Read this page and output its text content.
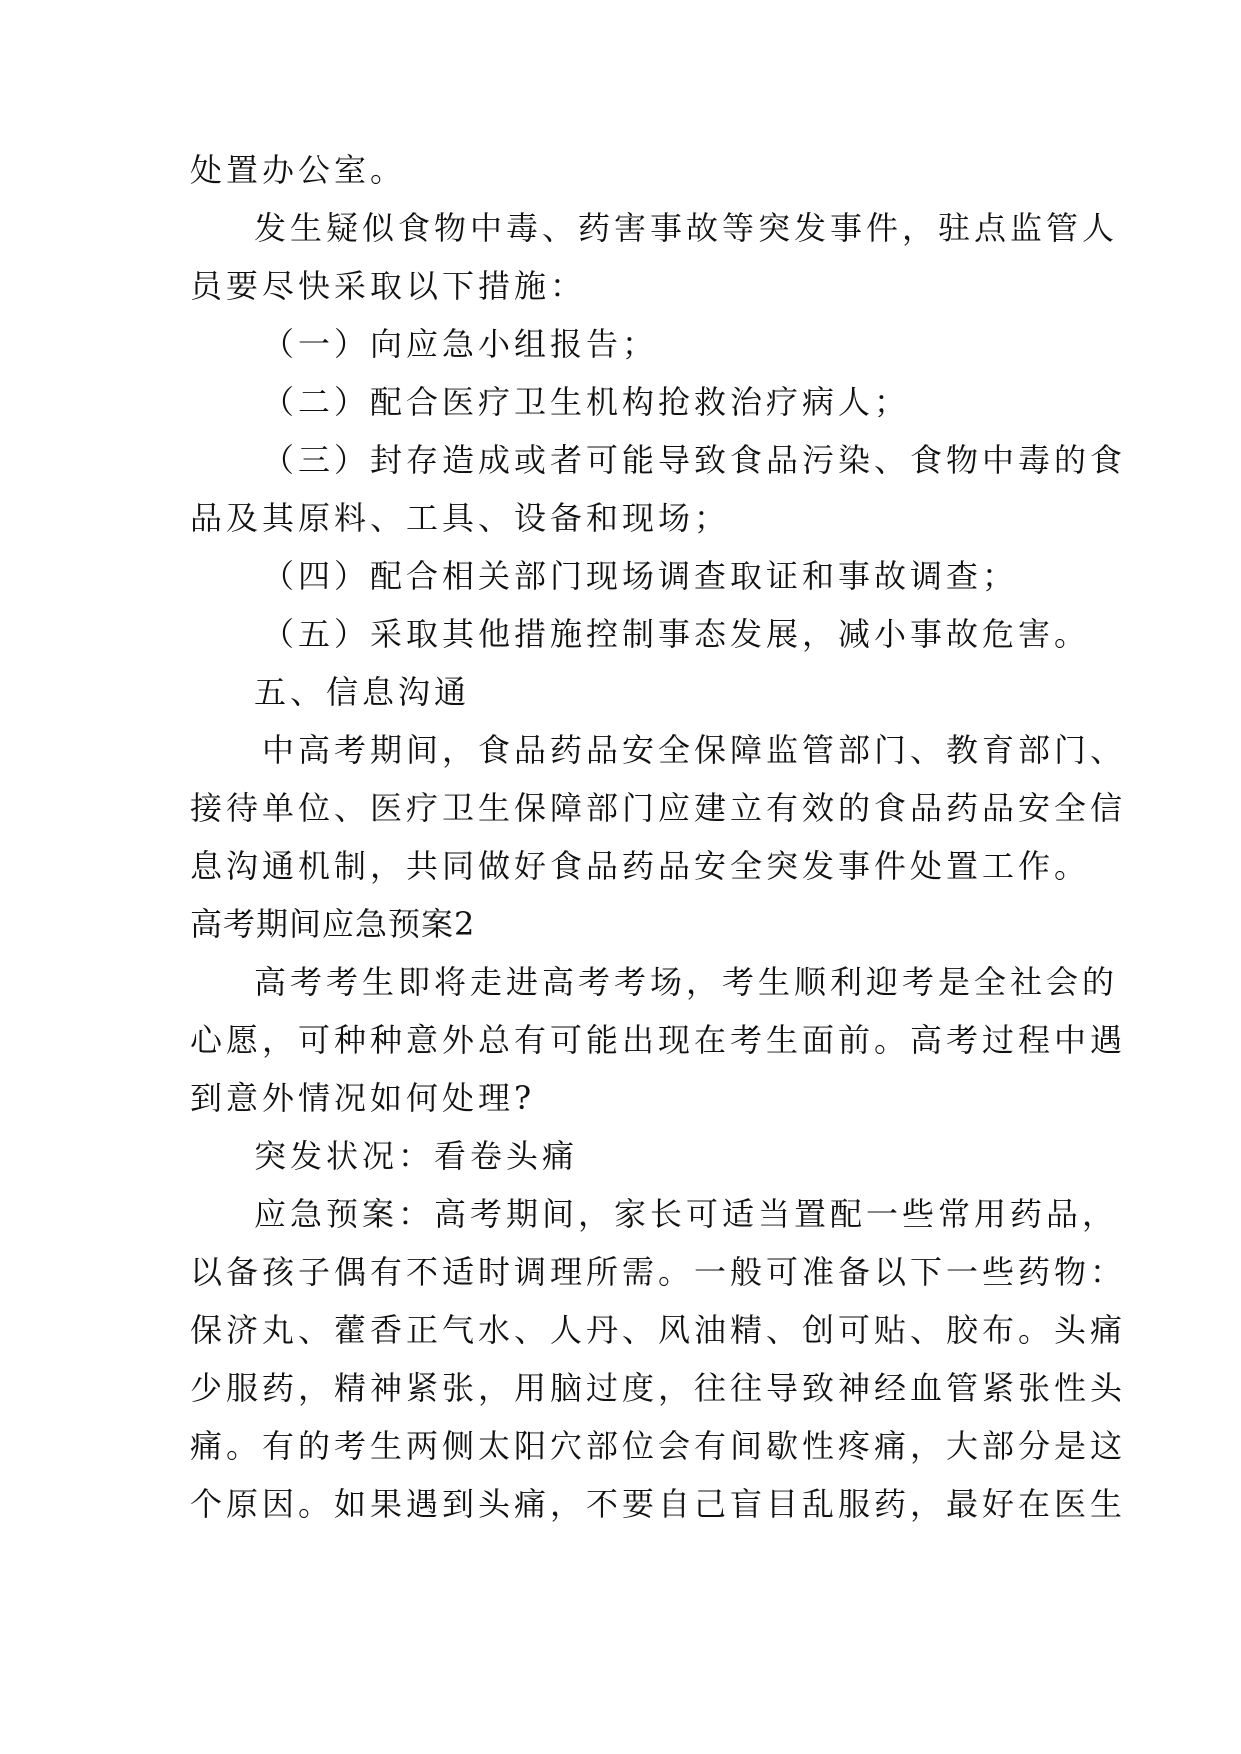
处置办公室。
发生疑似食物中毒、药害事故等突发事件，驻点监管人
员要尽快采取以下措施：
（一）向应急小组报告；
（二）配合医疗卫生机构抢救治疗病人；
（三）封存造成或者可能导致食品污染、食物中毒的食
品及其原料、工具、设备和现场；
（四）配合相关部门现场调查取证和事故调查；
（五）采取其他措施控制事态发展，减小事故危害。
五、信息沟通
中高考期间，食品药品安全保障监管部门、教育部门、
接待单位、医疗卫生保障部门应建立有效的食品药品安全信
息沟通机制，共同做好食品药品安全突发事件处置工作。
高考期间应急预案2
高考考生即将走进高考考场，考生顺利迎考是全社会的
心愿，可种种意外总有可能出现在考生面前。高考过程中遇
到意外情况如何处理?
突发状况：看卷头痛
应急预案：高考期间，家长可适当置配一些常用药品，
以备孩子偶有不适时调理所需。一般可准备以下一些药物：
保济丸、藿香正气水、人丹、风油精、创可贴、胶布。头痛
少服药，精神紧张，用脑过度，往往导致神经血管紧张性头
痛。有的考生两侧太阳穴部位会有间歇性疼痛，大部分是这
个原因。如果遇到头痛，不要自己盲目乱服药，最好在医生
